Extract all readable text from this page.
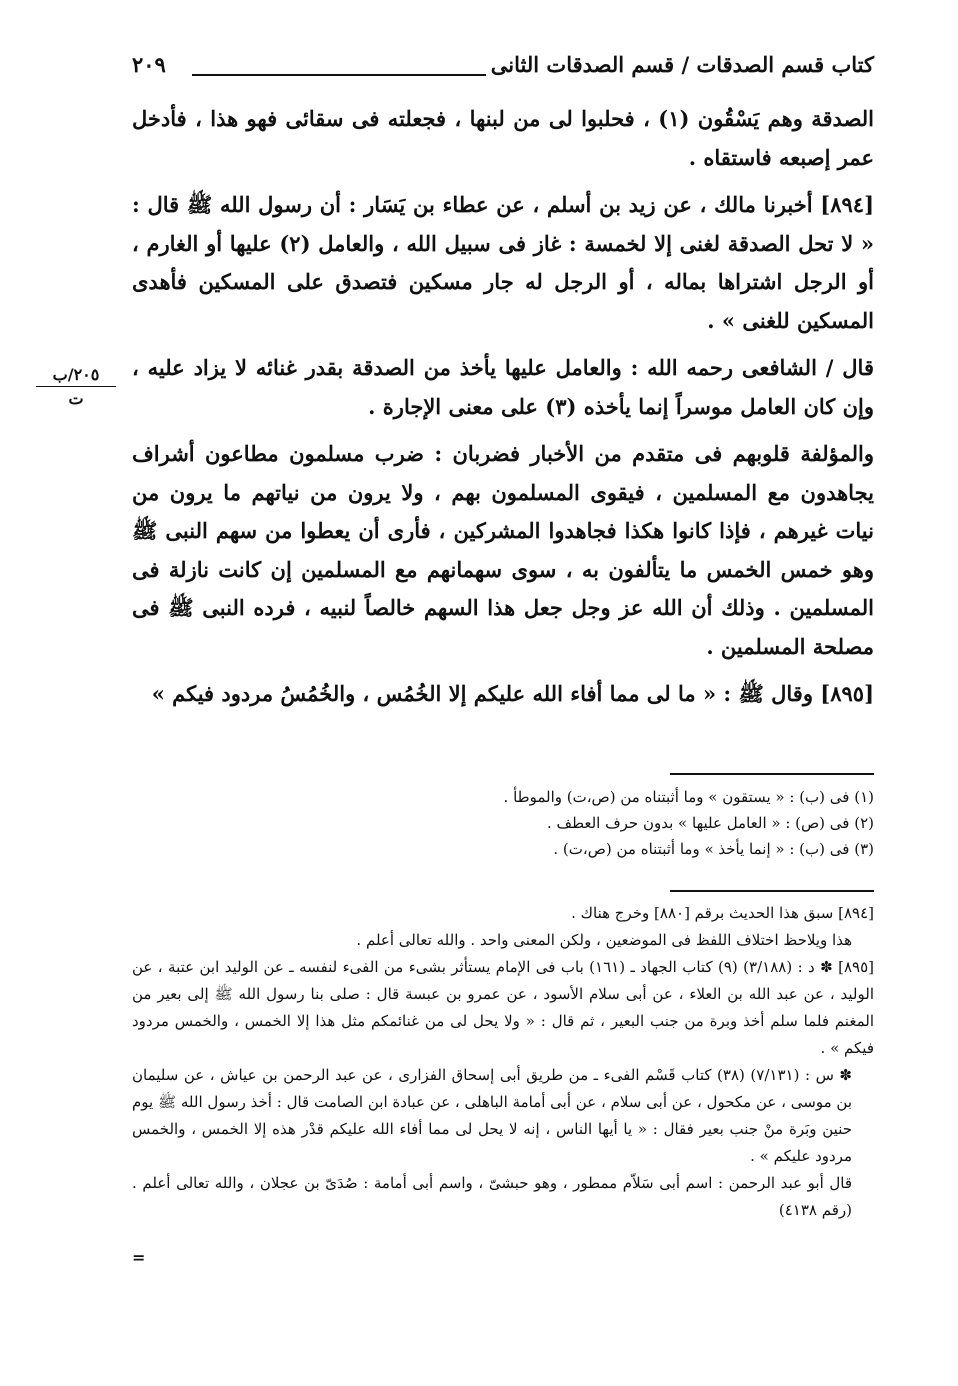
كتاب قسم الصدقات / قسم الصدقات الثانى
٢٠٩

الصدقة وهم يَسْقُون (١) ، فحلبوا لى من لبنها ، فجعلته فى سقائى فهو هذا ، فأدخل عمر إصبعه فاستقاه .

[٨٩٤] أخبرنا مالك ، عن زيد بن أسلم ، عن عطاء بن يَسَار : أن رسول الله ﷺ قال : « لا تحل الصدقة لغنى إلا لخمسة : غاز فى سبيل الله ، والعامل (٢) عليها أو الغارم ، أو الرجل اشتراها بماله ، أو الرجل له جار مسكين فتصدق على المسكين فأهدى المسكين للغنى » .

قال / الشافعى رحمه الله : والعامل عليها يأخذ من الصدقة بقدر غنائه لا يزاد عليه ، وإن كان العامل موسراً إنما يأخذه (٣) على معنى الإجارة .

والمؤلفة قلوبهم فى متقدم من الأخبار فضربان : ضرب مسلمون مطاعون أشراف يجاهدون مع المسلمين ، فيقوى المسلمون بهم ، ولا يرون من نياتهم ما يرون من نيات غيرهم ، فإذا كانوا هكذا فجاهدوا المشركين ، فأرى أن يعطوا من سهم النبى ﷺ وهو خمس الخمس ما يتألفون به ، سوى سهمانهم مع المسلمين إن كانت نازلة فى المسلمين . وذلك أن الله عز وجل جعل هذا السهم خالصاً لنبيه ، فرده النبى ﷺ فى مصلحة المسلمين .

[٨٩٥] وقال ﷺ : « ما لى مما أفاء الله عليكم إلا الخُمُس ، والخُمُسُ مردود فيكم »

٢٠٥/ب
ت
(١) فى (ب) : « يستقون » وما أثبتناه من (ص،ت) والموطأ .
(٢) فى (ص) : « العامل عليها » بدون حرف العطف .
(٣) فى (ب) : « إنما يأخذ » وما أثبتناه من (ص،ت) .

[٨٩٤] سبق هذا الحديث برقم [٨٨٠] وخرج هناك .

هذا ويلاحظ اختلاف اللفظ فى الموضعين ، ولكن المعنى واحد . والله تعالى أعلم .

[٨٩٥] ✽ د : (٣/١٨٨) (٩) كتاب الجهاد ـ (١٦١) باب فى الإمام يستأثر بشىء من الفىء لنفسه ـ عن الوليد ابن عتبة ، عن الوليد ، عن عبد الله بن العلاء ، عن أبى سلام الأسود ، عن عمرو بن عبسة قال : صلى بنا رسول الله ﷺ إلى بعير من المغنم فلما سلم أخذ وبرة من جنب البعير ، ثم قال : « ولا يحل لى من غنائمكم مثل هذا إلا الخمس ، والخمس مردود فيكم » .

✽ س : (٧/١٣١) (٣٨) كتاب قَسْم الفىء ـ من طريق أبى إسحاق الفزارى ، عن عبد الرحمن بن عياش ، عن سليمان بن موسى ، عن مكحول ، عن أبى سلام ، عن أبى أمامة الباهلى ، عن عبادة ابن الصامت قال : أخذ رسول الله ﷺ يوم حنين وبَرة منْ جنب بعير فقال : « يا أيها الناس ، إنه لا يحل لى مما أفاء الله عليكم قدْر هذه إلا الخمس ، والخمس مردود عليكم » .

قال أبو عبد الرحمن : اسم أبى سَلاّم ممطور ، وهو حبشىّ ، واسم أبى أمامة : صُدَىّ بن عجلان ، والله تعالى أعلم . (رقم ٤١٣٨)

=
